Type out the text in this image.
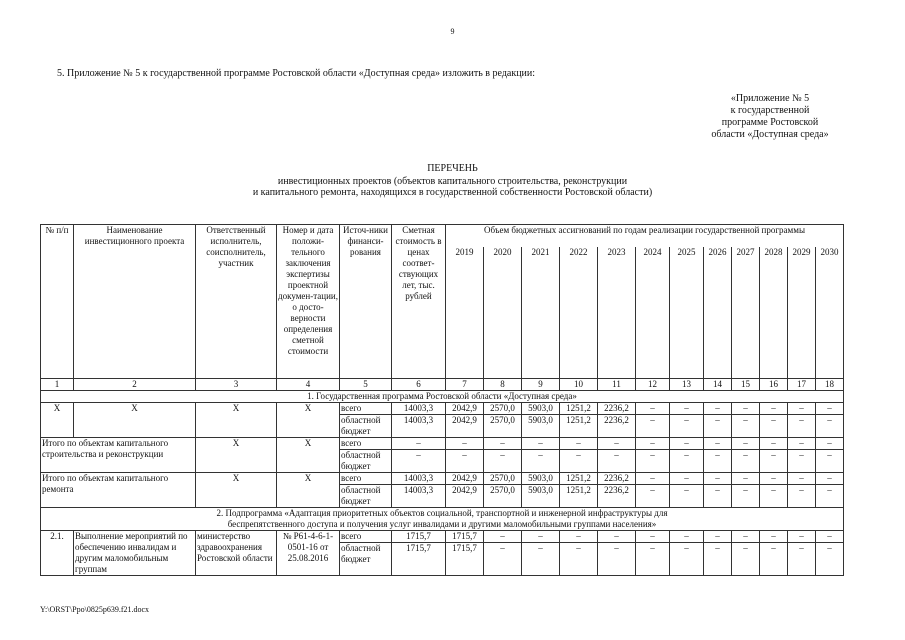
9
5. Приложение № 5 к государственной программе Ростовской области «Доступная среда» изложить в редакции:
«Приложение № 5
к государственной
программе Ростовской
области «Доступная среда»
ПЕРЕЧЕНЬ
инвестиционных проектов (объектов капитального строительства, реконструкции
и капитального ремонта, находящихся в государственной собственности Ростовской области)
№ п/п	Наименование инвестиционного проекта	Ответственный исполнитель, соисполнитель, участник	Номер и дата положи-тельного заключения экспертизы проектной докумен-тации, о досто-верности определения сметной стоимости	Источ-ники финанси-рования	Сметная стоимость в ценах соответ-ствующих лет, тыс. рублей	Объем бюджетных ассигнований по годам реализации государственной программы											
						2019	2020	2021	2022	2023	2024	2025	2026	2027	2028	2029	2030
1	2	3	4	5	6	7	8	9	10	11	12	13	14	15	16	17	18
1. Государственная программа Ростовской области «Доступная среда»																	
Х	Х	Х	Х	всего	14003,3	2042,9	2570,0	5903,0	1251,2	2236,2	–	–	–	–	–	–	–
				областной бюджет	14003,3	2042,9	2570,0	5903,0	1251,2	2236,2	–	–	–	–	–	–	–
Итого по объектам капитального строительства и реконструкции		Х	Х	всего	–	–	–	–	–	–	–	–	–	–	–	–	–
				областной бюджет	–	–	–	–	–	–	–	–	–	–	–	–	–
Итого по объектам капитального ремонта		Х	Х	всего	14003,3	2042,9	2570,0	5903,0	1251,2	2236,2	–	–	–	–	–	–	–
				областной бюджет	14003,3	2042,9	2570,0	5903,0	1251,2	2236,2	–	–	–	–	–	–	–
2. Подпрограмма «Адаптация приоритетных объектов социальной, транспортной и инженерной инфраструктуры для беспрепятственного доступа и получения услуг инвалидами и другими маломобильными группами населения»																	
2.1.	Выполнение мероприятий по обеспечению инвалидам и другим маломобильным группам	министерство здравоохранения Ростовской области	№ Р61-4-6-1-0501-16 от 25.08.2016	всего	1715,7	1715,7	–	–	–	–	–	–	–	–	–	–	–
				областной бюджет	1715,7	1715,7	–	–	–	–	–	–	–	–	–	–	–
Y:\ORST\Ppo\0825p639.f21.docx
